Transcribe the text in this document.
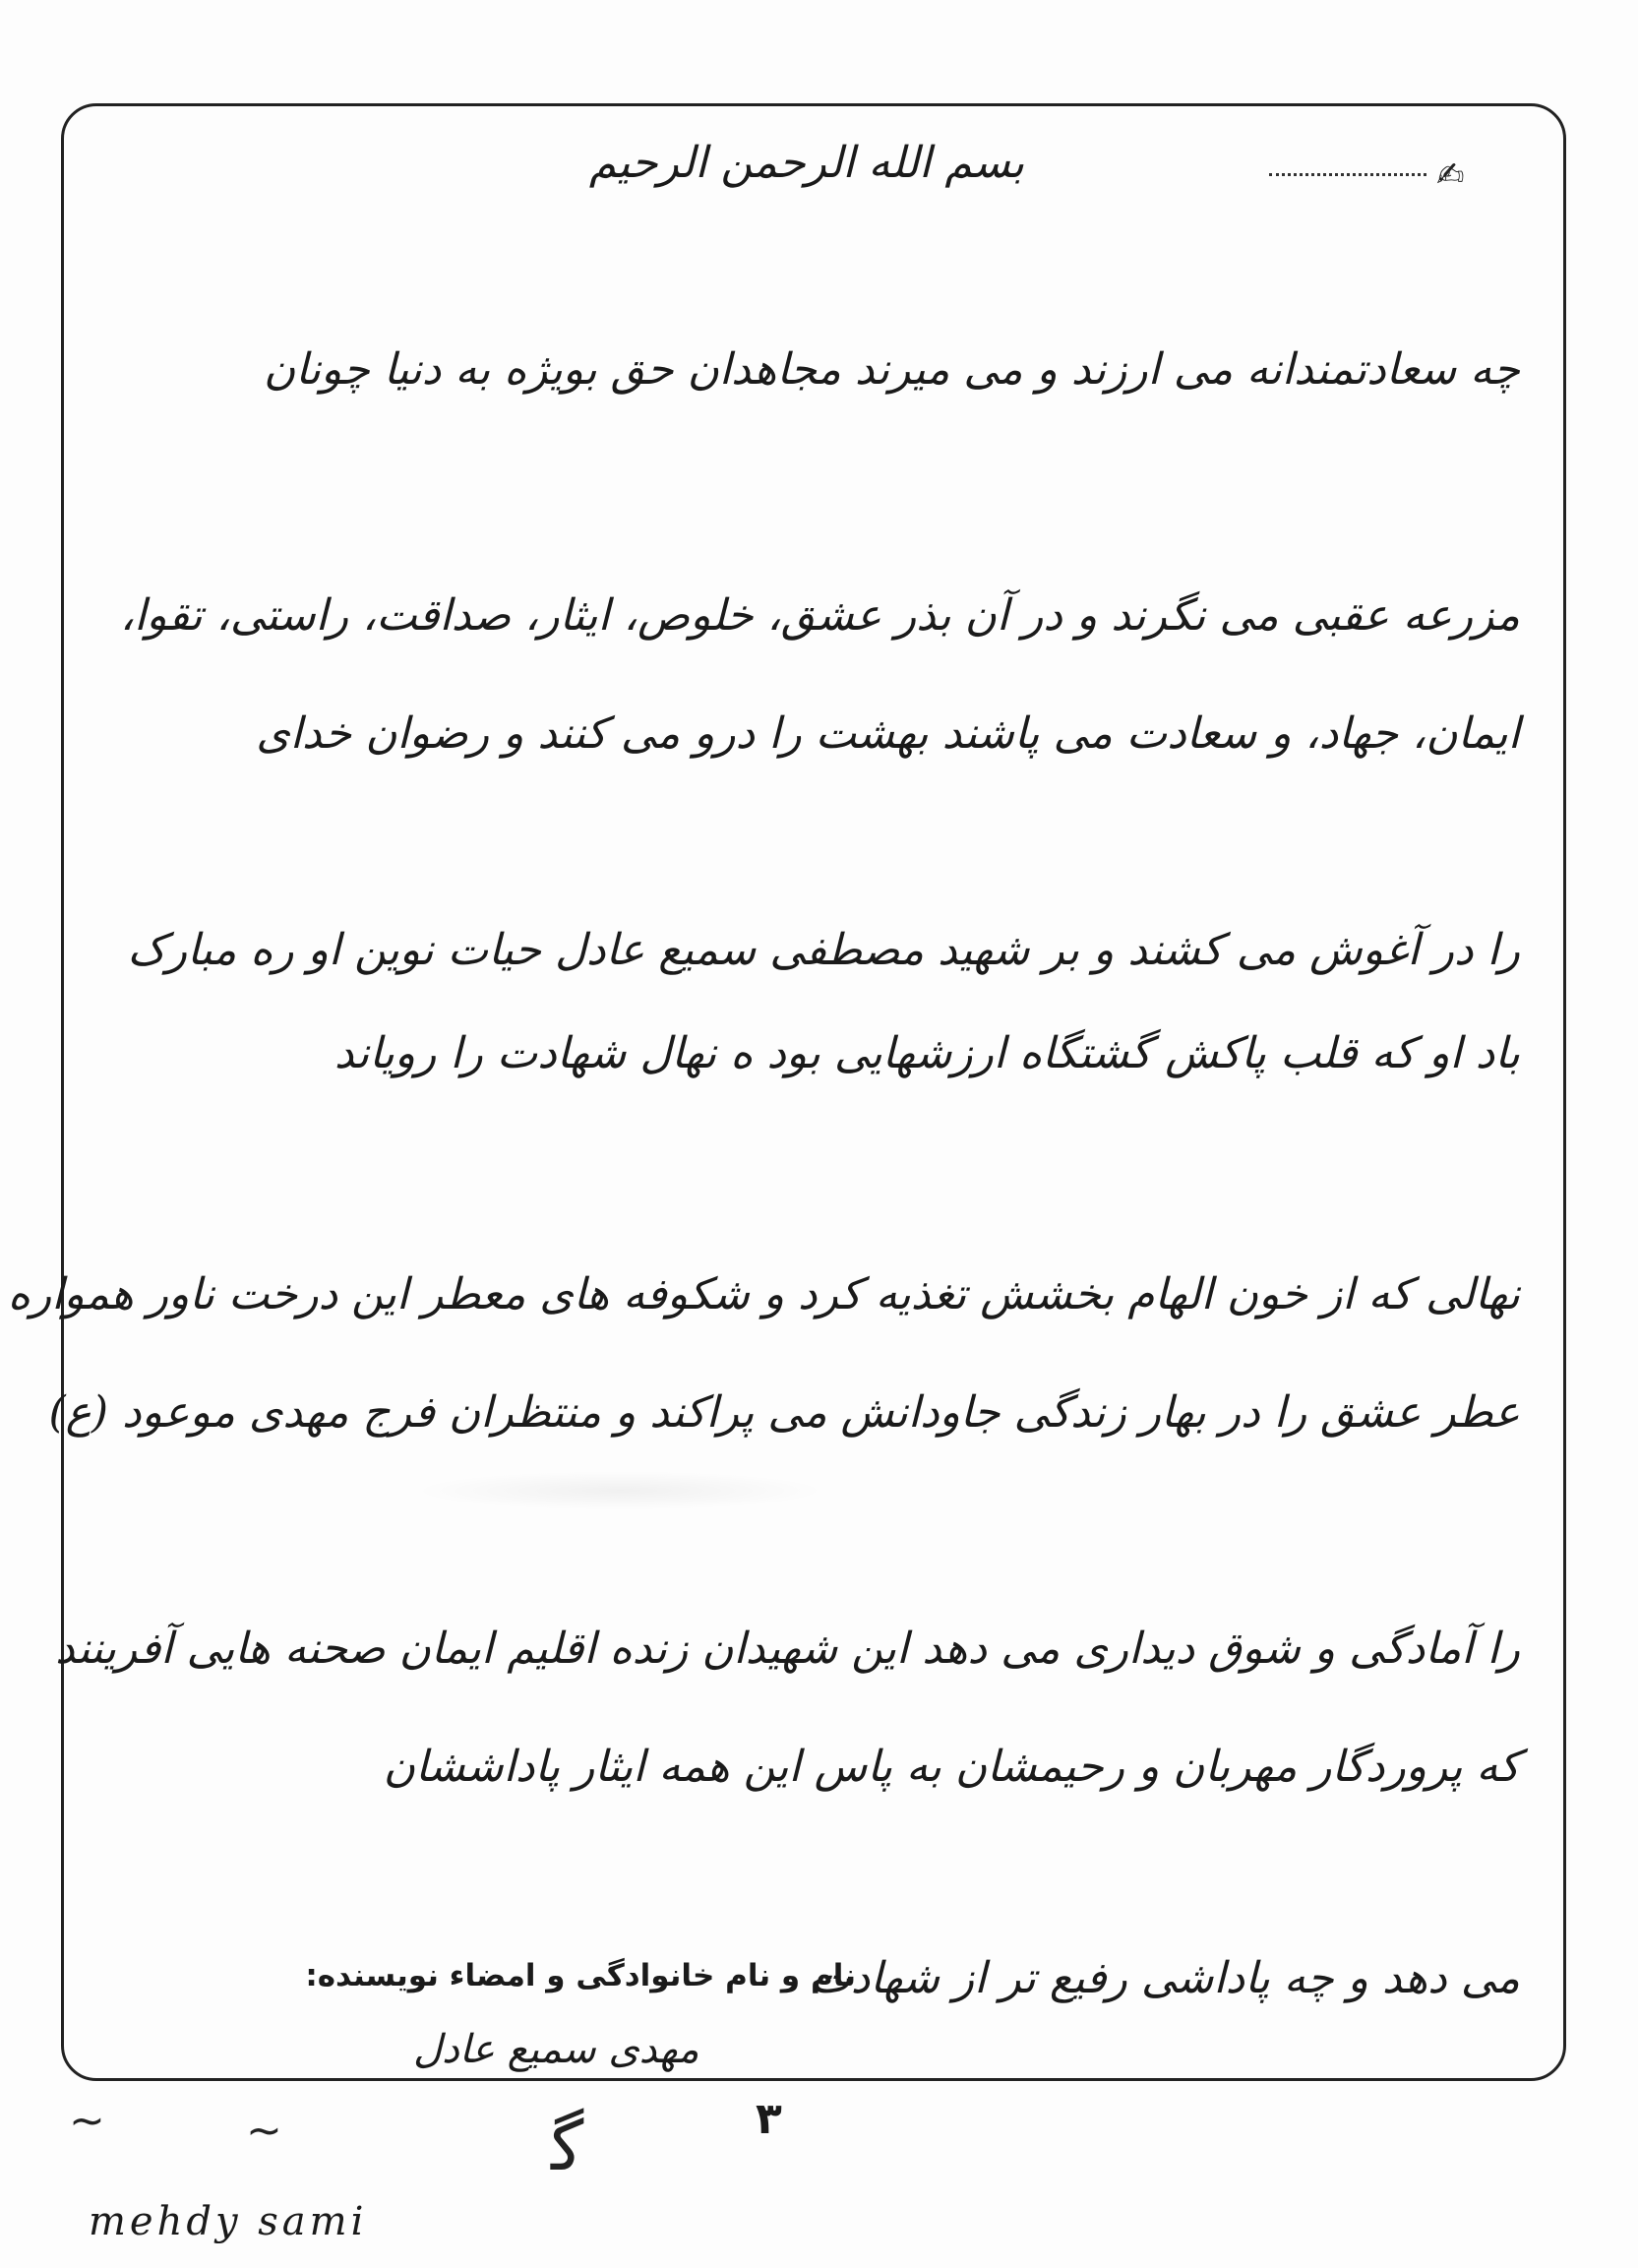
✍
بسم الله الرحمن الرحیم
چه سعادتمندانه می ارزند و می میرند مجاهدان حق بویژه به دنیا چونان
مزرعه عقبی می نگرند و در آن بذر عشق، خلوص، ایثار، صداقت، راستی، تقوا،
ایمان، جهاد، و سعادت می پاشند بهشت را درو می کنند و رضوان خدای
را در آغوش می کشند و بر شهید مصطفی سمیع عادل حیات نوین او ره مبارک
باد او که قلب پاکش گشتگاه ارزشهایی بود ه نهال شهادت را رویاند
نهالی که از خون الهام بخشش تغذیه کرد و شکوفه های معطر این درخت ناور همواره
عطر عشق را در بهار زندگی جاودانش می پراکند و منتظران فرج مهدی موعود (ع)
را آمادگی و شوق دیداری می دهد این شهیدان زنده اقلیم ایمان صحنه هایی آفرینند
که پروردگار مهربان و رحیمشان به پاس این همه ایثار پاداششان
می دهد و چه پاداشی رفیع تر از شهادت
نام و نام خانوادگی و امضاء نویسنده:
مهدی سمیع عادل
~	~	ﮔ
mehdy sami
۳
